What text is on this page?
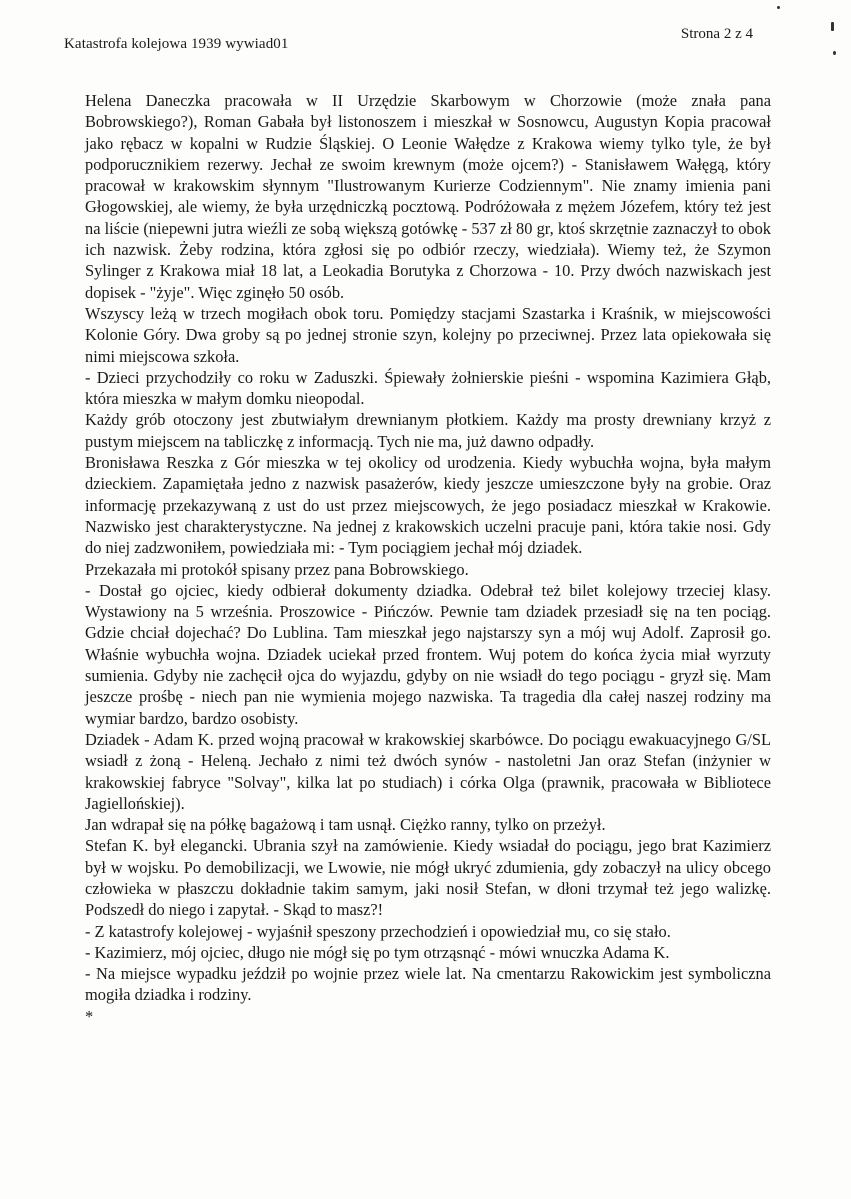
Katastrofa kolejowa 1939 wywiad01
Strona 2 z 4

Helena Daneczka pracowała w II Urzędzie Skarbowym w Chorzowie (może znała pana Bobrowskiego?), Roman Gabała był listonoszem i mieszkał w Sosnowcu, Augustyn Kopia pracował jako rębacz w kopalni w Rudzie Śląskiej. O Leonie Wałędze z Krakowa wiemy tylko tyle, że był podporucznikiem rezerwy. Jechał ze swoim krewnym (może ojcem?) - Stanisławem Wałęgą, który pracował w krakowskim słynnym "Ilustrowanym Kurierze Codziennym". Nie znamy imienia pani Głogowskiej, ale wiemy, że była urzędniczką pocztową. Podróżowała z mężem Józefem, który też jest na liście (niepewni jutra wieźli ze sobą większą gotówkę - 537 zł 80 gr, ktoś skrzętnie zaznaczył to obok ich nazwisk. Żeby rodzina, która zgłosi się po odbiór rzeczy, wiedziała). Wiemy też, że Szymon Sylinger z Krakowa miał 18 lat, a Leokadia Borutyka z Chorzowa - 10. Przy dwóch nazwiskach jest dopisek - "żyje". Więc zginęło 50 osób.

Wszyscy leżą w trzech mogiłach obok toru. Pomiędzy stacjami Szastarka i Kraśnik, w miejscowości Kolonie Góry. Dwa groby są po jednej stronie szyn, kolejny po przeciwnej. Przez lata opiekowała się nimi miejscowa szkoła.

- Dzieci przychodziły co roku w Zaduszki. Śpiewały żołnierskie pieśni - wspomina Kazimiera Głąb, która mieszka w małym domku nieopodal.

Każdy grób otoczony jest zbutwiałym drewnianym płotkiem. Każdy ma prosty drewniany krzyż z pustym miejscem na tabliczkę z informacją. Tych nie ma, już dawno odpadły.

Bronisława Reszka z Gór mieszka w tej okolicy od urodzenia. Kiedy wybuchła wojna, była małym dzieckiem. Zapamiętała jedno z nazwisk pasażerów, kiedy jeszcze umieszczone były na grobie. Oraz informację przekazywaną z ust do ust przez miejscowych, że jego posiadacz mieszkał w Krakowie. Nazwisko jest charakterystyczne. Na jednej z krakowskich uczelni pracuje pani, która takie nosi. Gdy do niej zadzwoniłem, powiedziała mi: - Tym pociągiem jechał mój dziadek.

Przekazała mi protokół spisany przez pana Bobrowskiego.

- Dostał go ojciec, kiedy odbierał dokumenty dziadka. Odebrał też bilet kolejowy trzeciej klasy. Wystawiony na 5 września. Proszowice - Pińczów. Pewnie tam dziadek przesiadł się na ten pociąg. Gdzie chciał dojechać? Do Lublina. Tam mieszkał jego najstarszy syn a mój wuj Adolf. Zaprosił go. Właśnie wybuchła wojna. Dziadek uciekał przed frontem. Wuj potem do końca życia miał wyrzuty sumienia. Gdyby nie zachęcił ojca do wyjazdu, gdyby on nie wsiadł do tego pociągu - gryzł się. Mam jeszcze prośbę - niech pan nie wymienia mojego nazwiska. Ta tragedia dla całej naszej rodziny ma wymiar bardzo, bardzo osobisty.

Dziadek - Adam K. przed wojną pracował w krakowskiej skarbówce. Do pociągu ewakuacyjnego G/SL wsiadł z żoną - Heleną. Jechało z nimi też dwóch synów - nastoletni Jan oraz Stefan (inżynier w krakowskiej fabryce "Solvay", kilka lat po studiach) i córka Olga (prawnik, pracowała w Bibliotece Jagiellońskiej).

Jan wdrapał się na półkę bagażową i tam usnął. Ciężko ranny, tylko on przeżył.

Stefan K. był elegancki. Ubrania szył na zamówienie. Kiedy wsiadał do pociągu, jego brat Kazimierz był w wojsku. Po demobilizacji, we Lwowie, nie mógł ukryć zdumienia, gdy zobaczył na ulicy obcego człowieka w płaszczu dokładnie takim samym, jaki nosił Stefan, w dłoni trzymał też jego walizkę. Podszedł do niego i zapytał. - Skąd to masz?!

- Z katastrofy kolejowej - wyjaśnił speszony przechodzień i opowiedział mu, co się stało.

- Kazimierz, mój ojciec, długo nie mógł się po tym otrząsnąć - mówi wnuczka Adama K.

- Na miejsce wypadku jeździł po wojnie przez wiele lat. Na cmentarzu Rakowickim jest symboliczna mogiła dziadka i rodziny.

*
